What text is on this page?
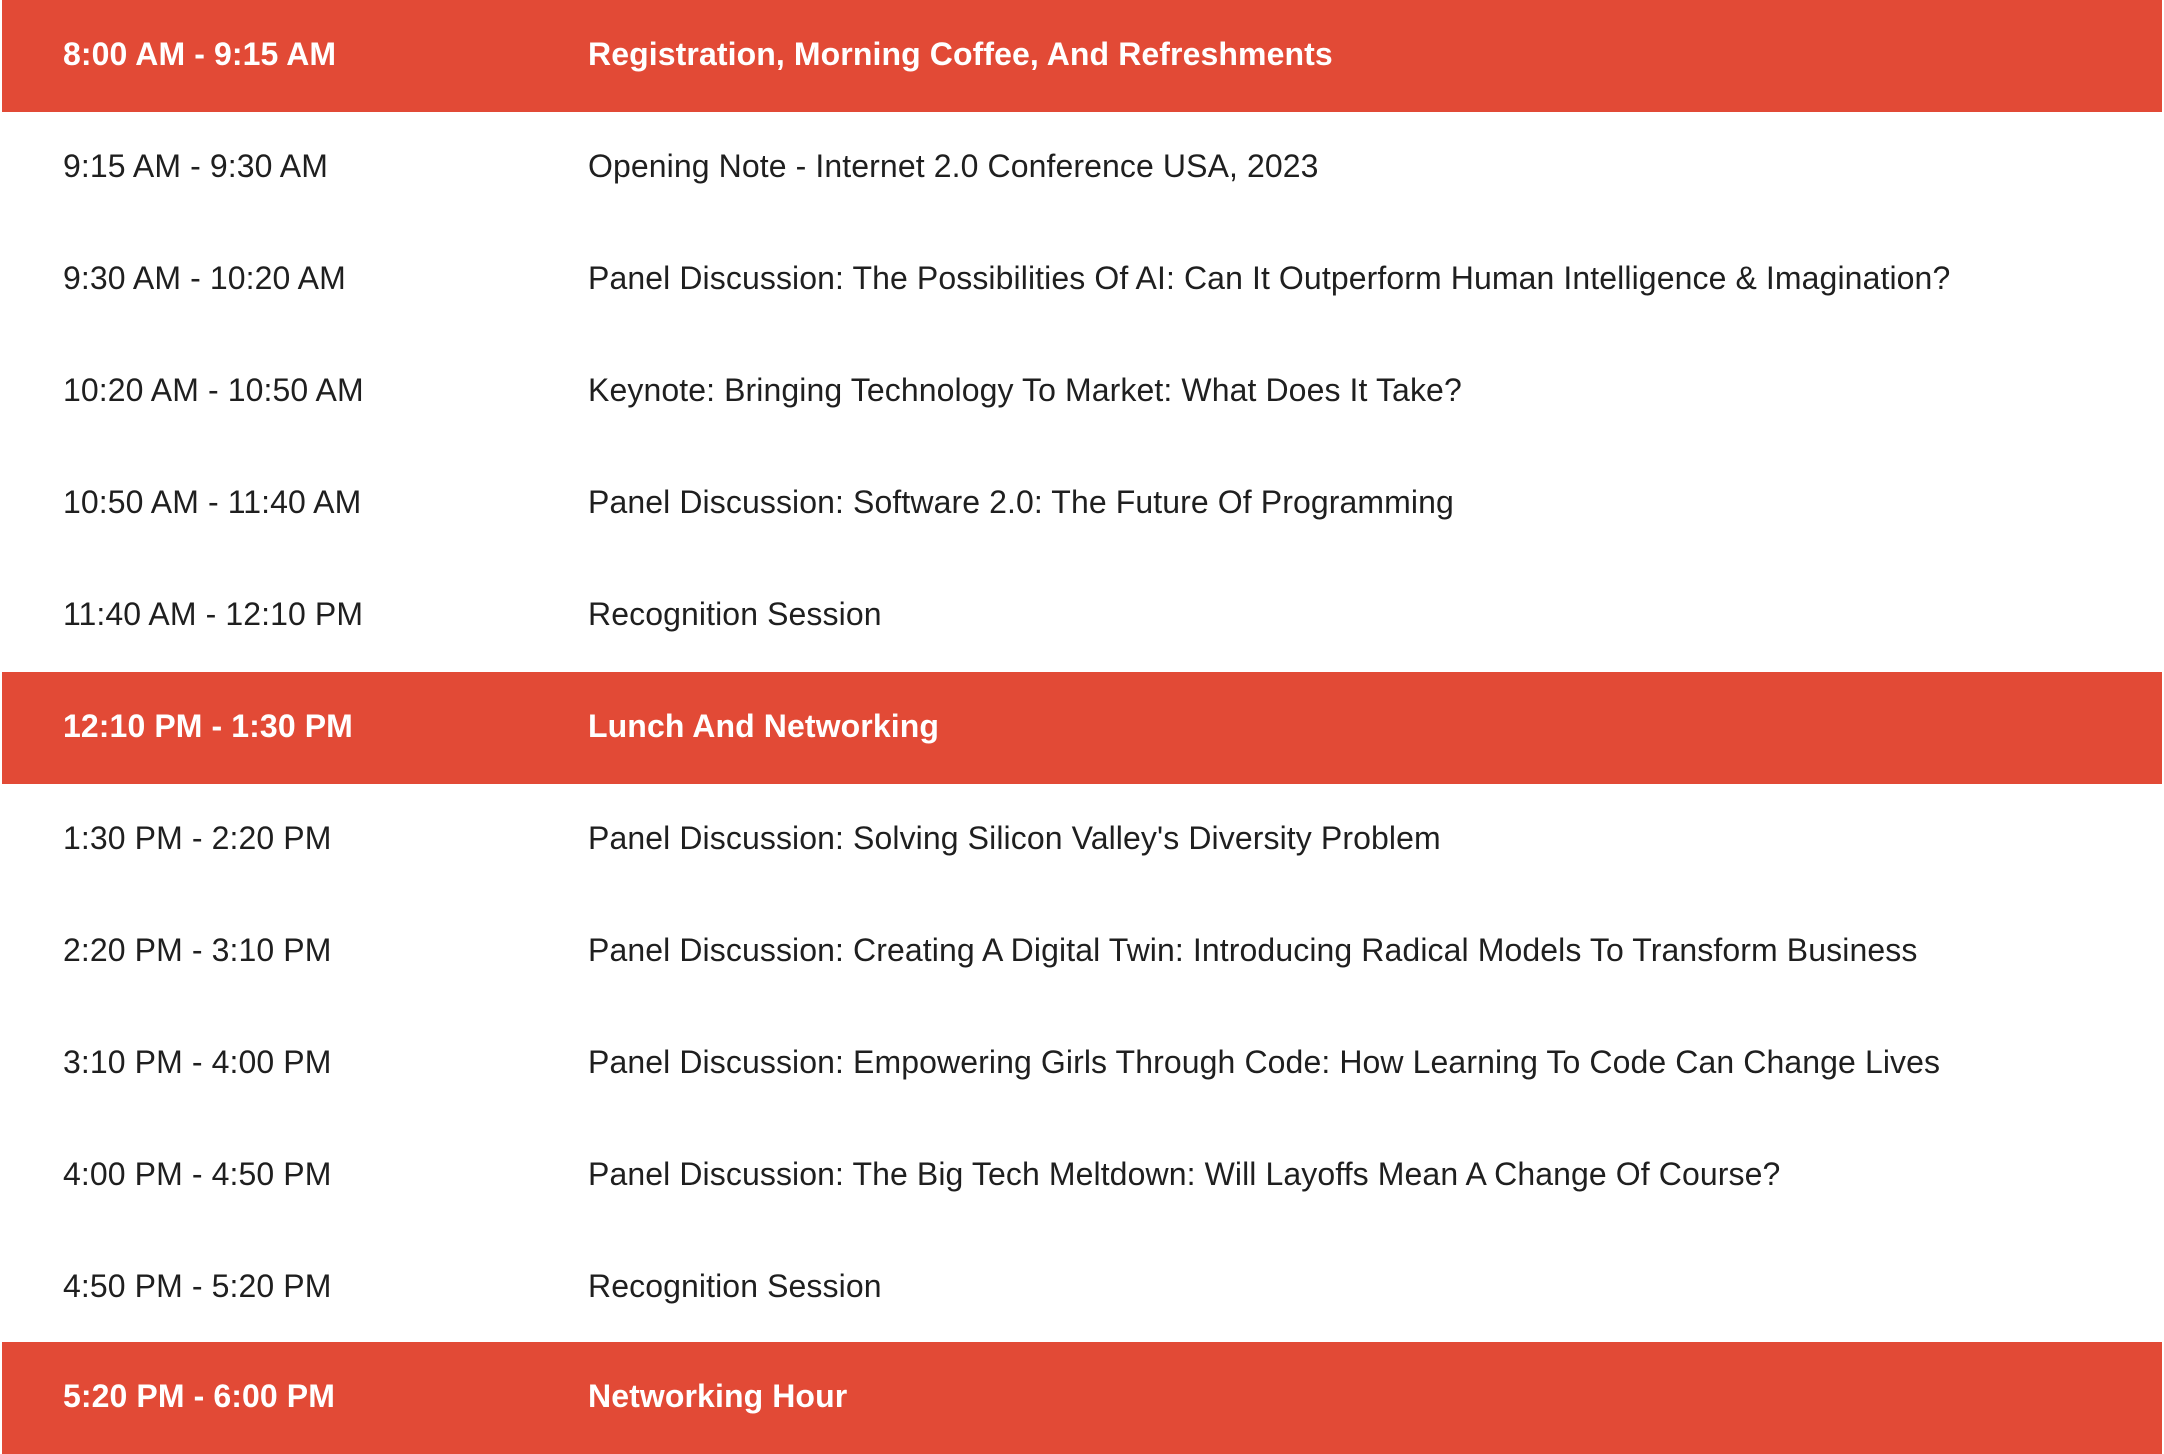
8:00 AM - 9:15 AM	Registration, Morning Coffee, And Refreshments
9:15 AM - 9:30 AM	Opening Note - Internet 2.0 Conference USA, 2023
9:30 AM - 10:20 AM	Panel Discussion: The Possibilities Of AI: Can It Outperform Human Intelligence & Imagination?
10:20 AM - 10:50 AM	Keynote: Bringing Technology To Market: What Does It Take?
10:50 AM - 11:40 AM	Panel Discussion: Software 2.0: The Future Of Programming
11:40 AM - 12:10 PM	Recognition Session
12:10 PM - 1:30 PM	Lunch And Networking
1:30 PM - 2:20 PM	Panel Discussion: Solving Silicon Valley's Diversity Problem
2:20 PM - 3:10 PM	Panel Discussion: Creating A Digital Twin: Introducing Radical Models To Transform Business
3:10 PM - 4:00 PM	Panel Discussion: Empowering Girls Through Code: How Learning To Code Can Change Lives
4:00 PM - 4:50 PM	Panel Discussion: The Big Tech Meltdown: Will Layoffs Mean A Change Of Course?
4:50 PM - 5:20 PM	Recognition Session
5:20 PM - 6:00 PM	Networking Hour
